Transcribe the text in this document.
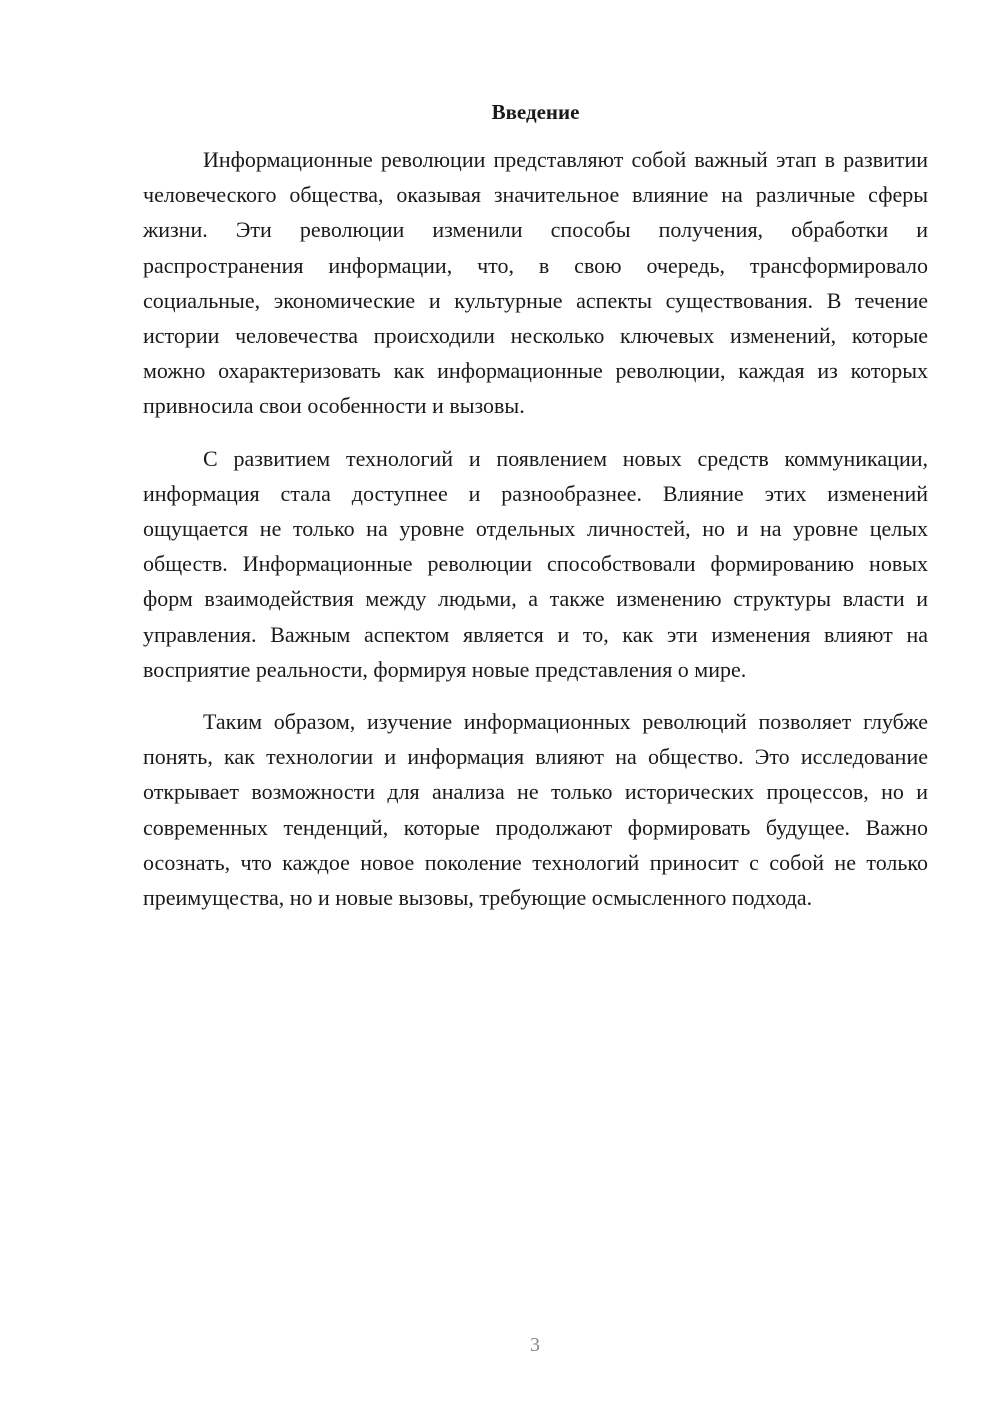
Введение

Информационные революции представляют собой важный этап в развитии человеческого общества, оказывая значительное влияние на различные сферы жизни. Эти революции изменили способы получения, обработки и распространения информации, что, в свою очередь, трансформировало социальные, экономические и культурные аспекты существования. В течение истории человечества происходили несколько ключевых изменений, которые можно охарактеризовать как информационные революции, каждая из которых привносила свои особенности и вызовы.

С развитием технологий и появлением новых средств коммуникации, информация стала доступнее и разнообразнее. Влияние этих изменений ощущается не только на уровне отдельных личностей, но и на уровне целых обществ. Информационные революции способствовали формированию новых форм взаимодействия между людьми, а также изменению структуры власти и управления. Важным аспектом является и то, как эти изменения влияют на восприятие реальности, формируя новые представления о мире.

Таким образом, изучение информационных революций позволяет глубже понять, как технологии и информация влияют на общество. Это исследование открывает возможности для анализа не только исторических процессов, но и современных тенденций, которые продолжают формировать будущее. Важно осознать, что каждое новое поколение технологий приносит с собой не только преимущества, но и новые вызовы, требующие осмысленного подхода.

3
